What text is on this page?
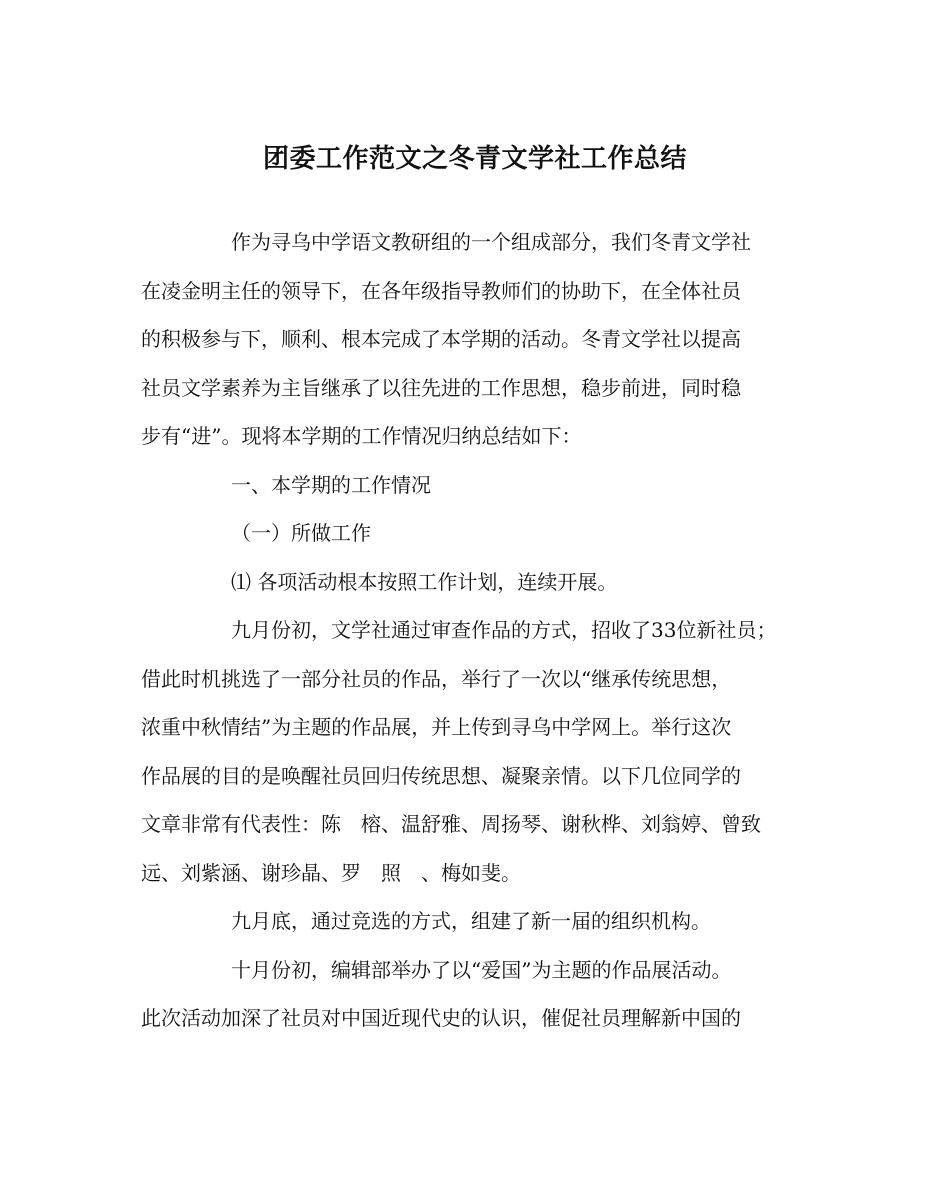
团委工作范文之冬青文学社工作总结

作为寻乌中学语文教研组的一个组成部分，我们冬青文学社

在凌金明主任的领导下，在各年级指导教师们的协助下，在全体社员

的积极参与下，顺利、根本完成了本学期的活动。冬青文学社以提高

社员文学素养为主旨继承了以往先进的工作思想，稳步前进，同时稳

步有“进”。现将本学期的工作情况归纳总结如下：

一、本学期的工作情况

（一）所做工作

⑴ 各项活动根本按照工作计划，连续开展。

九月份初，文学社通过审查作品的方式，招收了33位新社员；

借此时机挑选了一部分社员的作品，举行了一次以“继承传统思想，

浓重中秋情结”为主题的作品展，并上传到寻乌中学网上。举行这次

作品展的目的是唤醒社员回归传统思想、凝聚亲情。以下几位同学的

文章非常有代表性：陈　榕、温舒雅、周扬琴、谢秋桦、刘翁婷、曾致

远、刘紫涵、谢珍晶、罗　照　、梅如斐。

九月底，通过竞选的方式，组建了新一届的组织机构。

十月份初，编辑部举办了以“爱国”为主题的作品展活动。

此次活动加深了社员对中国近现代史的认识，催促社员理解新中国的
